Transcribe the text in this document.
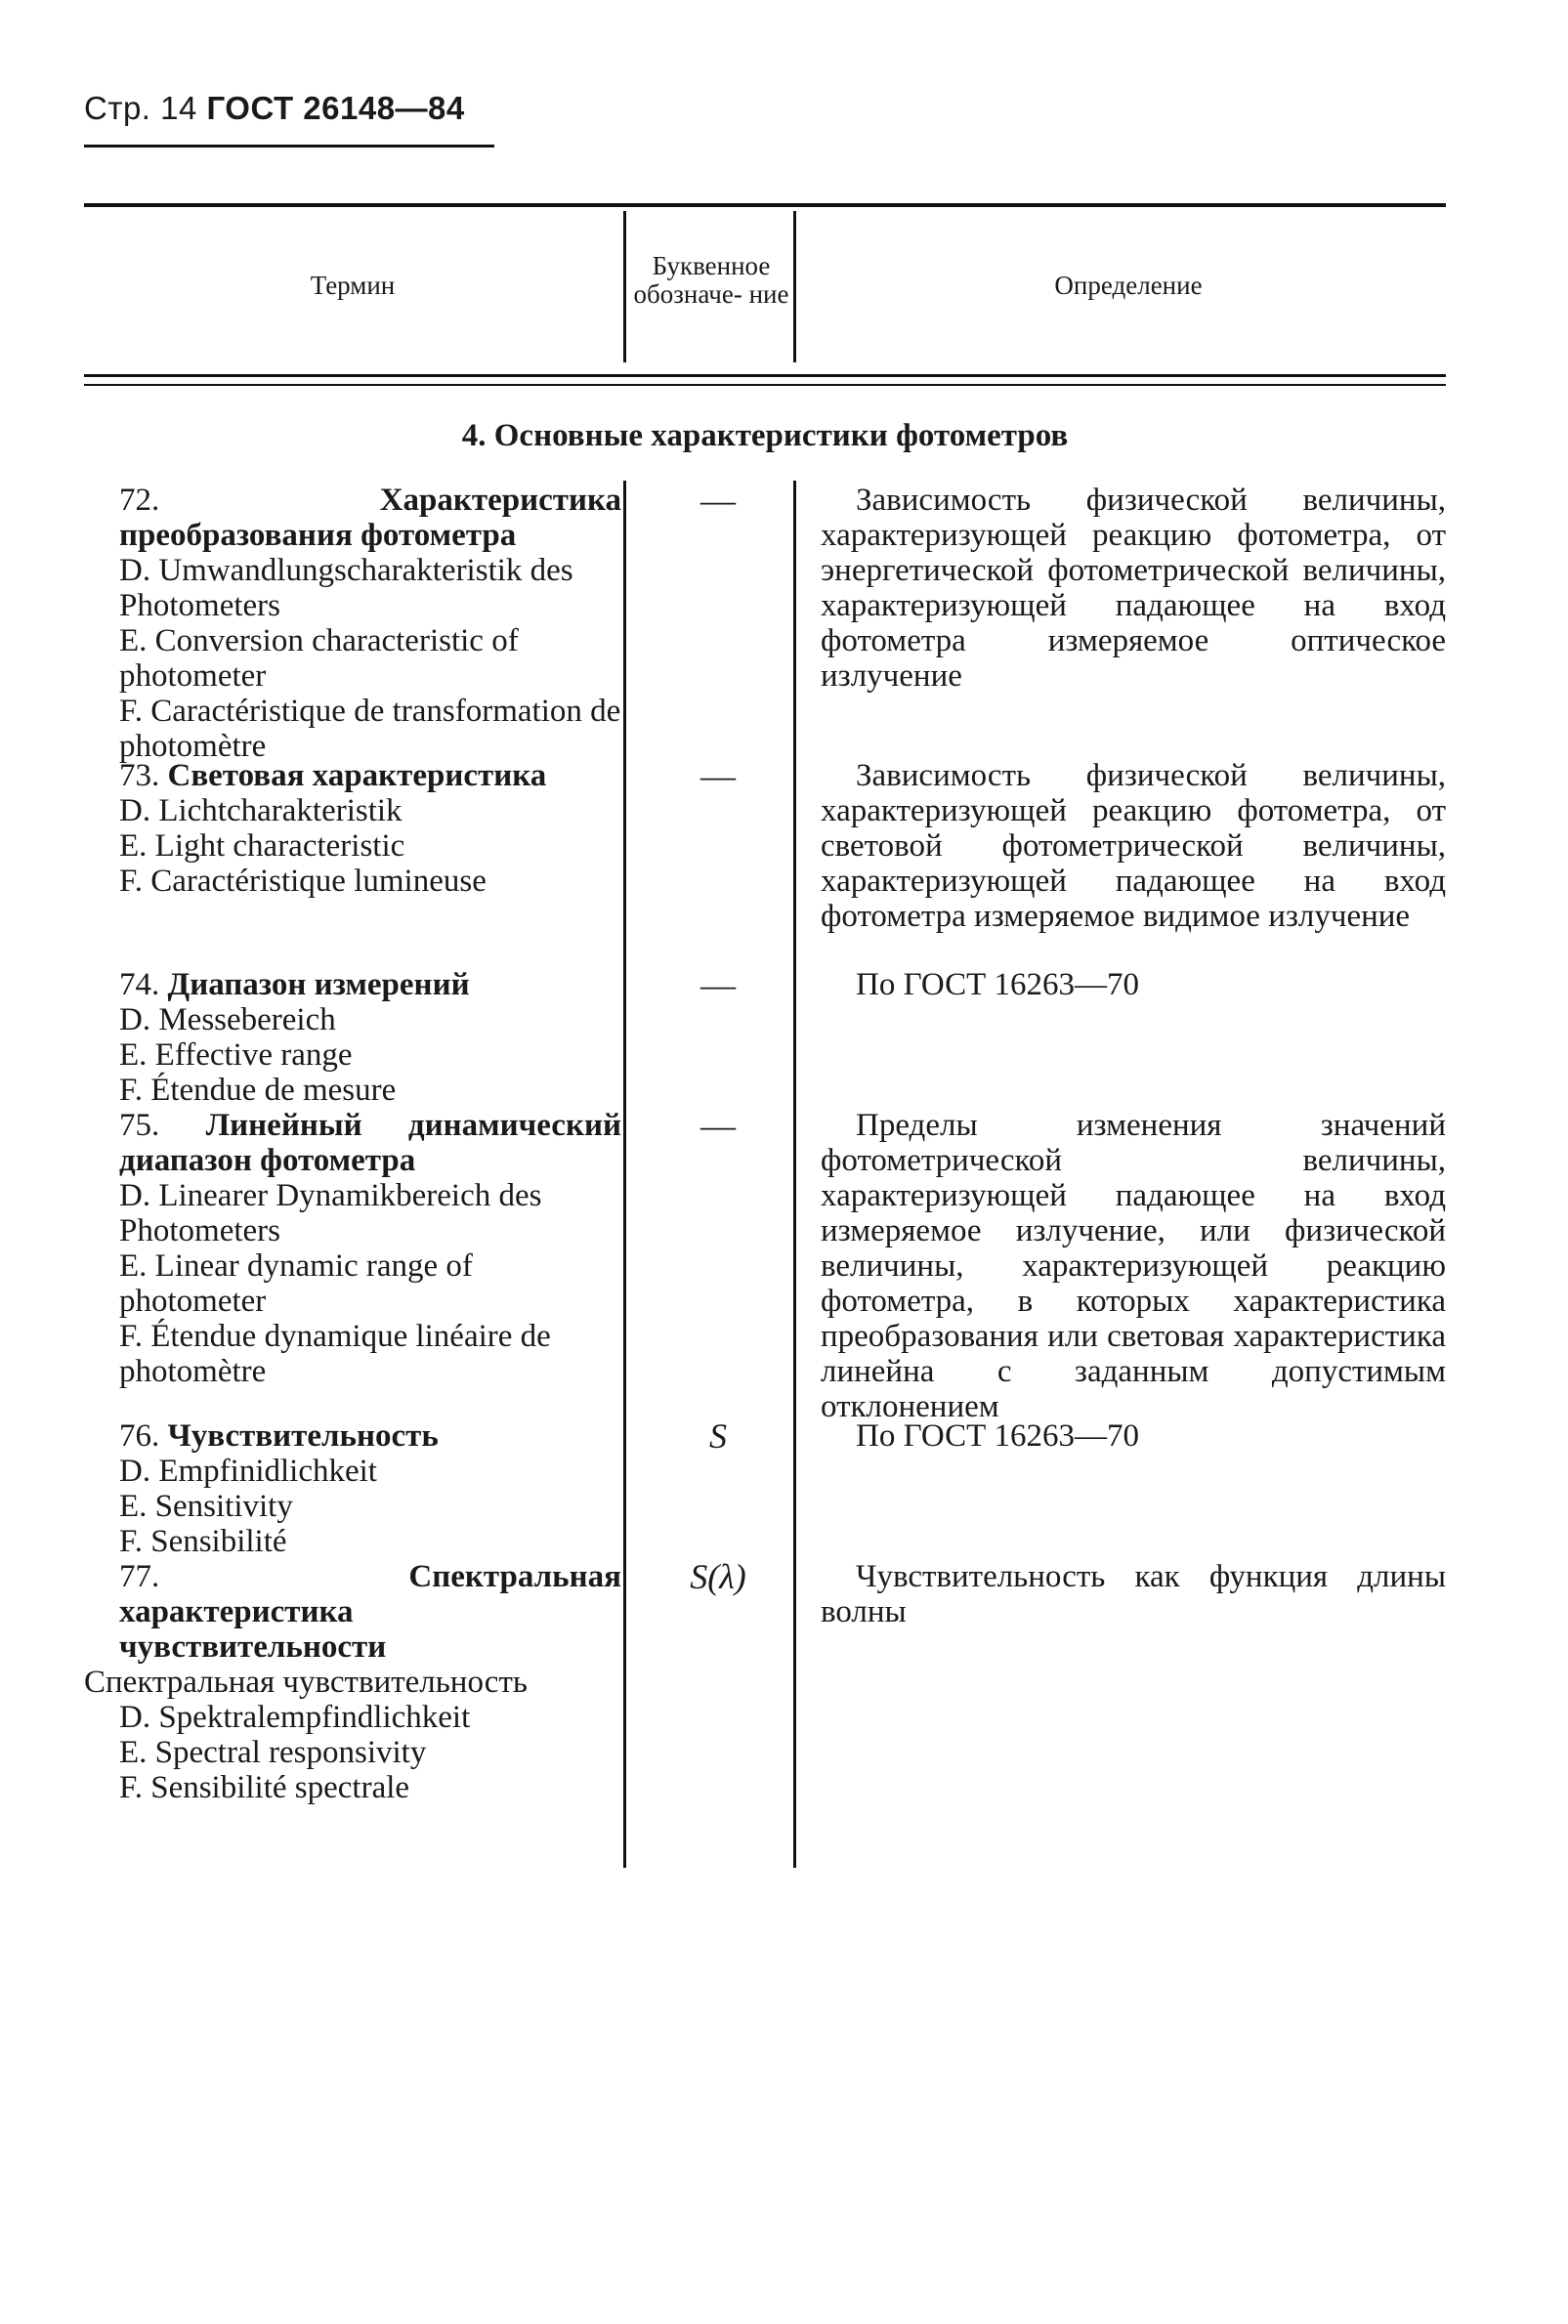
Стр. 14 ГОСТ 26148—84
Термин
Буквенное обозначе- ние	Определение
4. Основные характеристики фотометров
72.	Характеристика преобразования фотометра
D. Umwandlungscharakteristik des Photometers
E. Conversion characteristic of photometer
F. Caractéristique de transformation de photomètre
—	Зависимость физической величины, характеризующей реакцию фотометра, от энергетической фотометрической величины, характеризующей падающее на вход фотометра измеряемое оптическое излучение
73. Световая характеристика
D. Lichtcharakteristik
E. Light characteristic
F. Caractéristique lumineuse
—	Зависимость физической величины, характеризующей реакцию фотометра, от световой фотометрической величины, характеризующей падающее на вход фотометра измеряемое видимое излучение
74. Диапазон измерений
D. Messebereich
E. Effective range
F. Étendue de mesure
—	По ГОСТ 16263—70
75. Линейный динамический диапазон фотометра
D. Linearer Dynamikbereich des Photometers
E. Linear dynamic range of photometer
F. Étendue dynamique linéaire de photomètre
—	Пределы изменения значений фотометрической величины, характеризующей падающее на вход измеряемое излучение, или физической величины, характеризующей реакцию фотометра, в которых характеристика преобразования или световая характеристика линейна с заданным допустимым отклонением
76. Чувствительность
D. Empfinidlichkeit
E. Sensitivity
F. Sensibilité
S	По ГОСТ 16263—70
77.	Спектральная характеристика чувствительности
Спектральная чувствительность
D. Spektralempfindlichkeit
E. Spectral responsivity
F. Sensibilité spectrale
S(λ)	Чувствительность как функция длины волны
